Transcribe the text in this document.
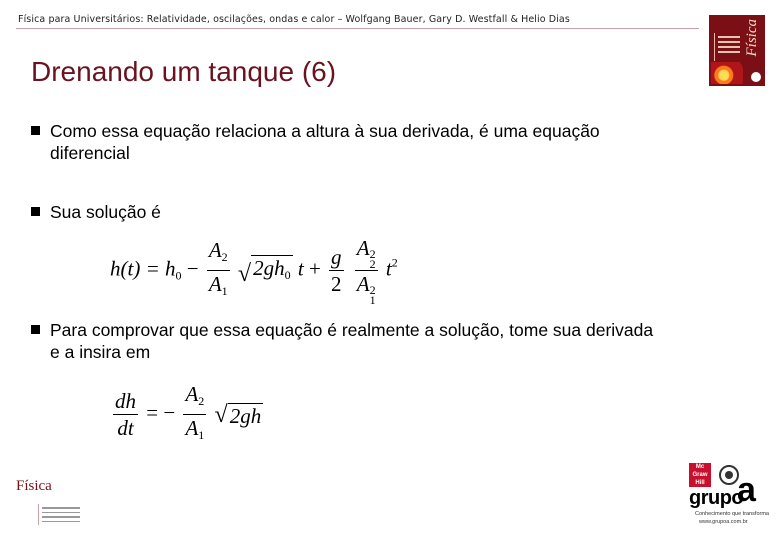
Física para Universitários: Relatividade, oscilações, ondas e calor – Wolfgang Bauer, Gary D. Westfall & Helio Dias	Física
Drenando um tanque (6)
Como essa equação relaciona a altura à sua derivada, é uma equação diferencial
Sua solução é
$h(t) = h_0 - \frac{A_2}{A_1}$
√ $2gh_0$ $t + \frac{g}{2}$
A 2
2
A 2
1 $t^2$
Para comprovar que essa equação é realmente a solução, tome sua derivada e a insira em
$\frac{dh}{dt}$ = − $\frac{A_2}{A_1}$
√ 2gh
Física
Mc Graw Hill
grupo
a
Conhecimento que transforma
www.grupoa.com.br
